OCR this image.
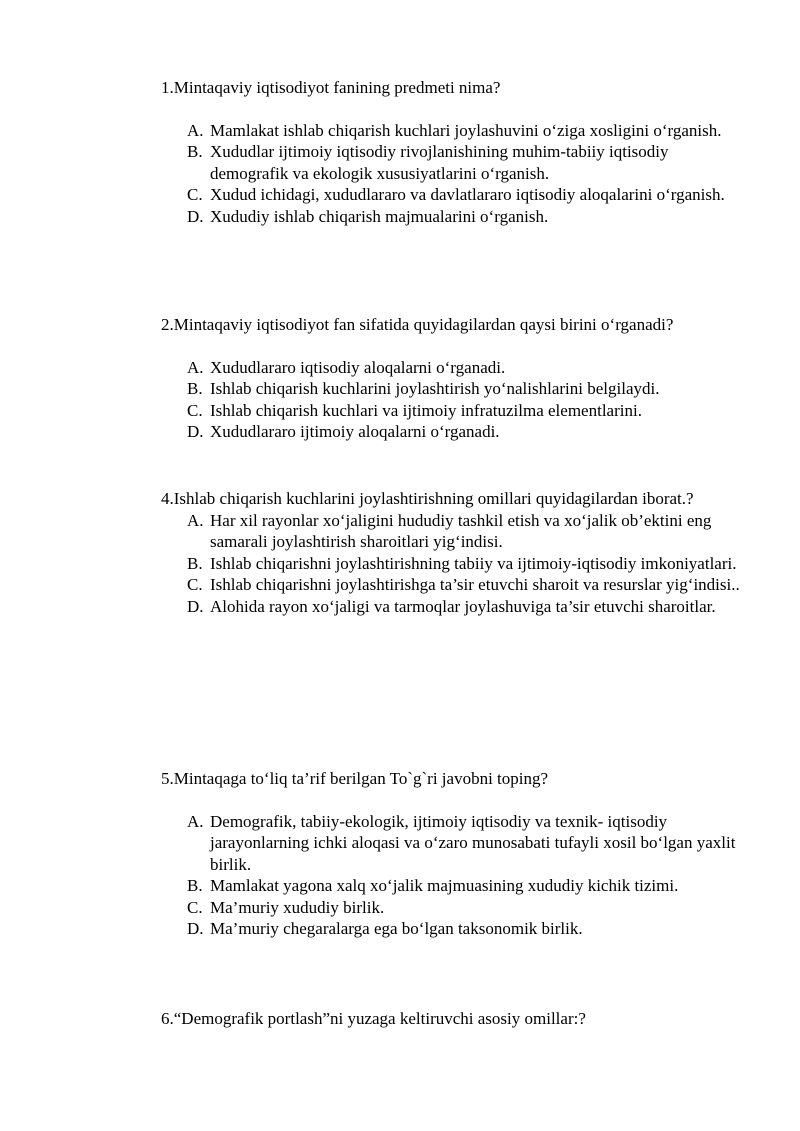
1.Mintaqaviy iqtisodiyot fanining predmeti nima?

A. Mamlakat ishlab chiqarish kuchlari joylashuvini o‘ziga xosligini o‘rganish.
B. Xududlar ijtimoiy iqtisodiy rivojlanishining muhim-tabiiy iqtisodiy demografik va ekologik xususiyatlarini o‘rganish.
C. Xudud ichidagi, xududlararo va davlatlararo iqtisodiy aloqalarini o‘rganish.
D. Xududiy ishlab chiqarish majmualarini o‘rganish.

2.Mintaqaviy iqtisodiyot fan sifatida quyidagilardan qaysi birini o‘rganadi?

A. Xududlararo iqtisodiy aloqalarni o‘rganadi.
B. Ishlab chiqarish kuchlarini joylashtirish yo‘nalishlarini belgilaydi.
C. Ishlab chiqarish kuchlari va ijtimoiy infratuzilma elementlarini.
D. Xududlararo ijtimoiy aloqalarni o‘rganadi.

4.Ishlab chiqarish kuchlarini joylashtirishning omillari quyidagilardan iborat.?

A. Har xil rayonlar xo‘jaligini hududiy tashkil etish va xo‘jalik ob’ektini eng samarali joylashtirish sharoitlari yig‘indisi.
B. Ishlab chiqarishni joylashtirishning tabiiy va ijtimoiy-iqtisodiy imkoniyatlari.
C. Ishlab chiqarishni joylashtirishga ta’sir etuvchi sharoit va resurslar yig‘indisi..
D. Alohida rayon xo‘jaligi va tarmoqlar joylashuviga ta’sir etuvchi sharoitlar.

5.Mintaqaga to‘liq ta’rif berilgan To`g`ri javobni toping?

A. Demografik, tabiiy-ekologik, ijtimoiy iqtisodiy va texnik- iqtisodiy jarayonlarning ichki aloqasi va o‘zaro munosabati tufayli xosil bo‘lgan yaxlit birlik.
B. Mamlakat yagona xalq xo‘jalik majmuasining xududiy kichik tizimi.
C. Ma’muriy xududiy birlik.
D. Ma’muriy chegaralarga ega bo‘lgan taksonomik birlik.

6.“Demografik portlash”ni yuzaga keltiruvchi asosiy omillar:?
